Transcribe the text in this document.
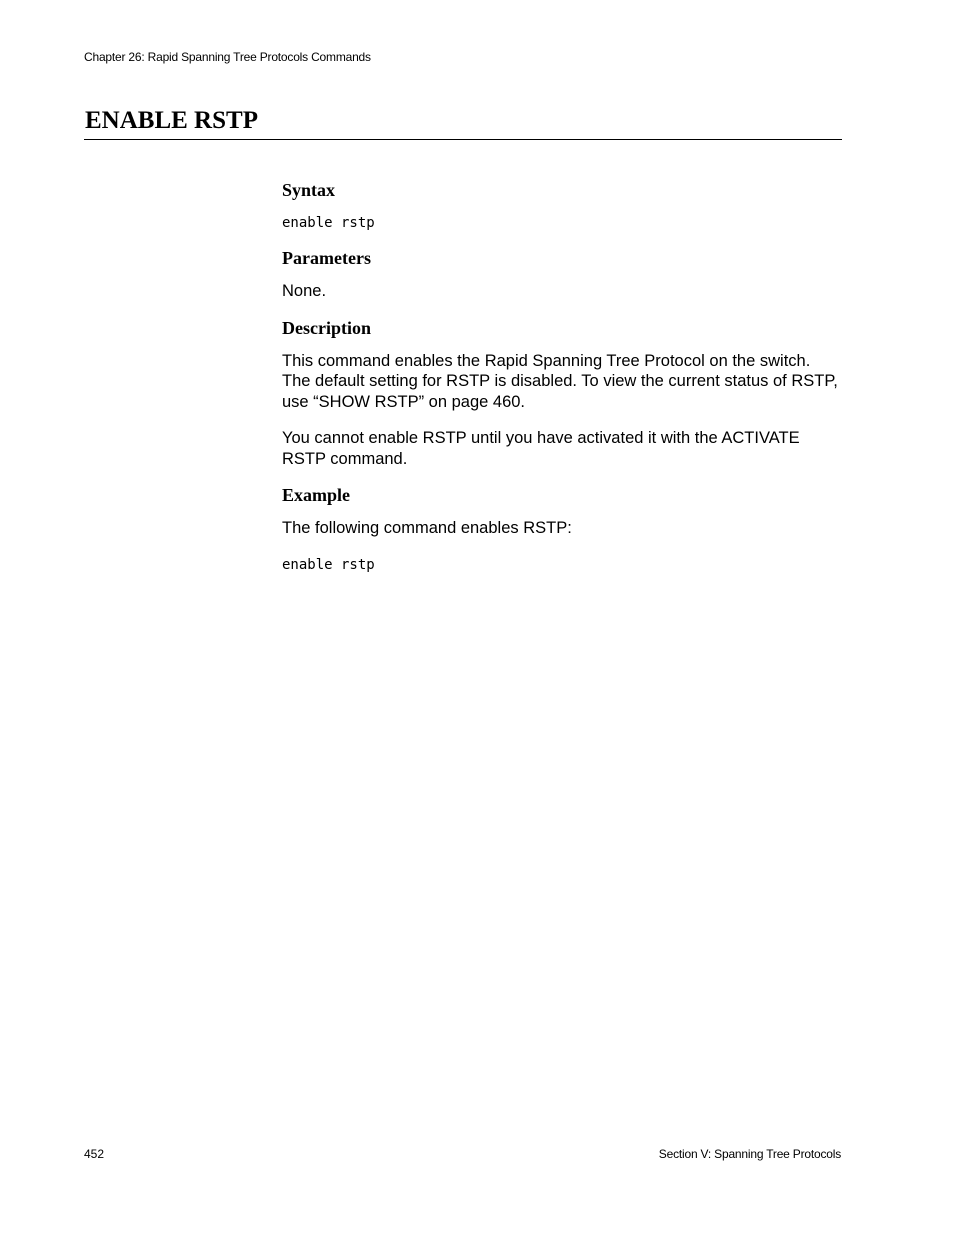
Chapter 26: Rapid Spanning Tree Protocols Commands
ENABLE RSTP
Syntax
enable rstp
Parameters

None.

Description

This command enables the Rapid Spanning Tree Protocol on the switch. The default setting for RSTP is disabled. To view the current status of RSTP, use “SHOW RSTP” on page 460.

You cannot enable RSTP until you have activated it with the ACTIVATE RSTP command.

Example

The following command enables RSTP:

enable rstp
452	Section V: Spanning Tree Protocols
